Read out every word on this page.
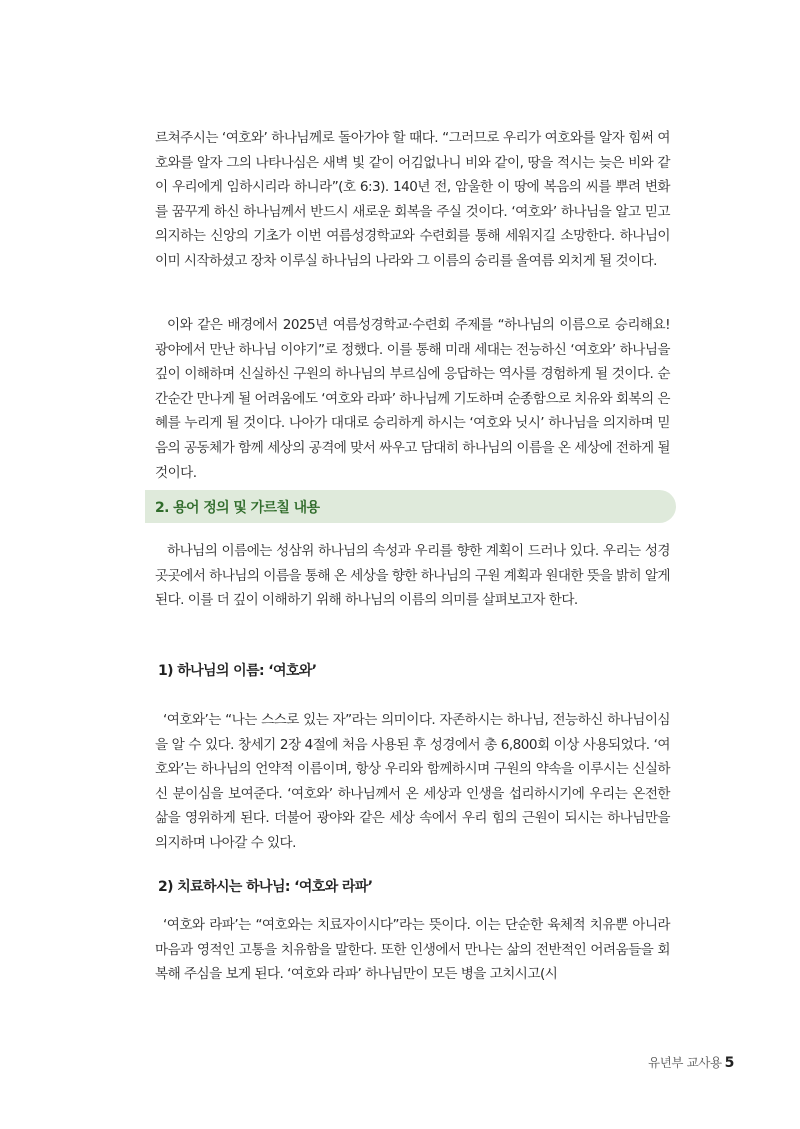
르쳐주시는 ‘여호와’ 하나님께로 돌아가야 할 때다. “그러므로 우리가 여호와를 알자 힘써 여호와를 알자 그의 나타나심은 새벽 빛 같이 어김없나니 비와 같이, 땅을 적시는 늦은 비와 같이 우리에게 임하시리라 하니라”(호 6:3). 140년 전, 암울한 이 땅에 복음의 씨를 뿌려 변화를 꿈꾸게 하신 하나님께서 반드시 새로운 회복을 주실 것이다. ‘여호와’ 하나님을 알고 믿고 의지하는 신앙의 기초가 이번 여름성경학교와 수련회를 통해 세워지길 소망한다. 하나님이 이미 시작하셨고 장차 이루실 하나님의 나라와 그 이름의 승리를 올여름 외치게 될 것이다.

이와 같은 배경에서 2025년 여름성경학교·수련회 주제를 “하나님의 이름으로 승리해요! 광야에서 만난 하나님 이야기”로 정했다. 이를 통해 미래 세대는 전능하신 ‘여호와’ 하나님을 깊이 이해하며 신실하신 구원의 하나님의 부르심에 응답하는 역사를 경험하게 될 것이다. 순간순간 만나게 될 어려움에도 ‘여호와 라파’ 하나님께 기도하며 순종함으로 치유와 회복의 은혜를 누리게 될 것이다. 나아가 대대로 승리하게 하시는 ‘여호와 닛시’ 하나님을 의지하며 믿음의 공동체가 함께 세상의 공격에 맞서 싸우고 담대히 하나님의 이름을 온 세상에 전하게 될 것이다.

2. 용어 정의 및 가르칠 내용

하나님의 이름에는 성삼위 하나님의 속성과 우리를 향한 계획이 드러나 있다. 우리는 성경 곳곳에서 하나님의 이름을 통해 온 세상을 향한 하나님의 구원 계획과 원대한 뜻을 밝히 알게 된다. 이를 더 깊이 이해하기 위해 하나님의 이름의 의미를 살펴보고자 한다.

1) 하나님의 이름: ‘여호와’

‘여호와’는 “나는 스스로 있는 자”라는 의미이다. 자존하시는 하나님, 전능하신 하나님이심을 알 수 있다. 창세기 2장 4절에 처음 사용된 후 성경에서 총 6,800회 이상 사용되었다. ‘여호와’는 하나님의 언약적 이름이며, 항상 우리와 함께하시며 구원의 약속을 이루시는 신실하신 분이심을 보여준다. ‘여호와’ 하나님께서 온 세상과 인생을 섭리하시기에 우리는 온전한 삶을 영위하게 된다. 더불어 광야와 같은 세상 속에서 우리 힘의 근원이 되시는 하나님만을 의지하며 나아갈 수 있다.

2) 치료하시는 하나님: ‘여호와 라파’

‘여호와 라파’는 “여호와는 치료자이시다”라는 뜻이다. 이는 단순한 육체적 치유뿐 아니라 마음과 영적인 고통을 치유함을 말한다. 또한 인생에서 만나는 삶의 전반적인 어려움들을 회복해 주심을 보게 된다. ‘여호와 라파’ 하나님만이 모든 병을 고치시고(시

유년부 교사용 5
